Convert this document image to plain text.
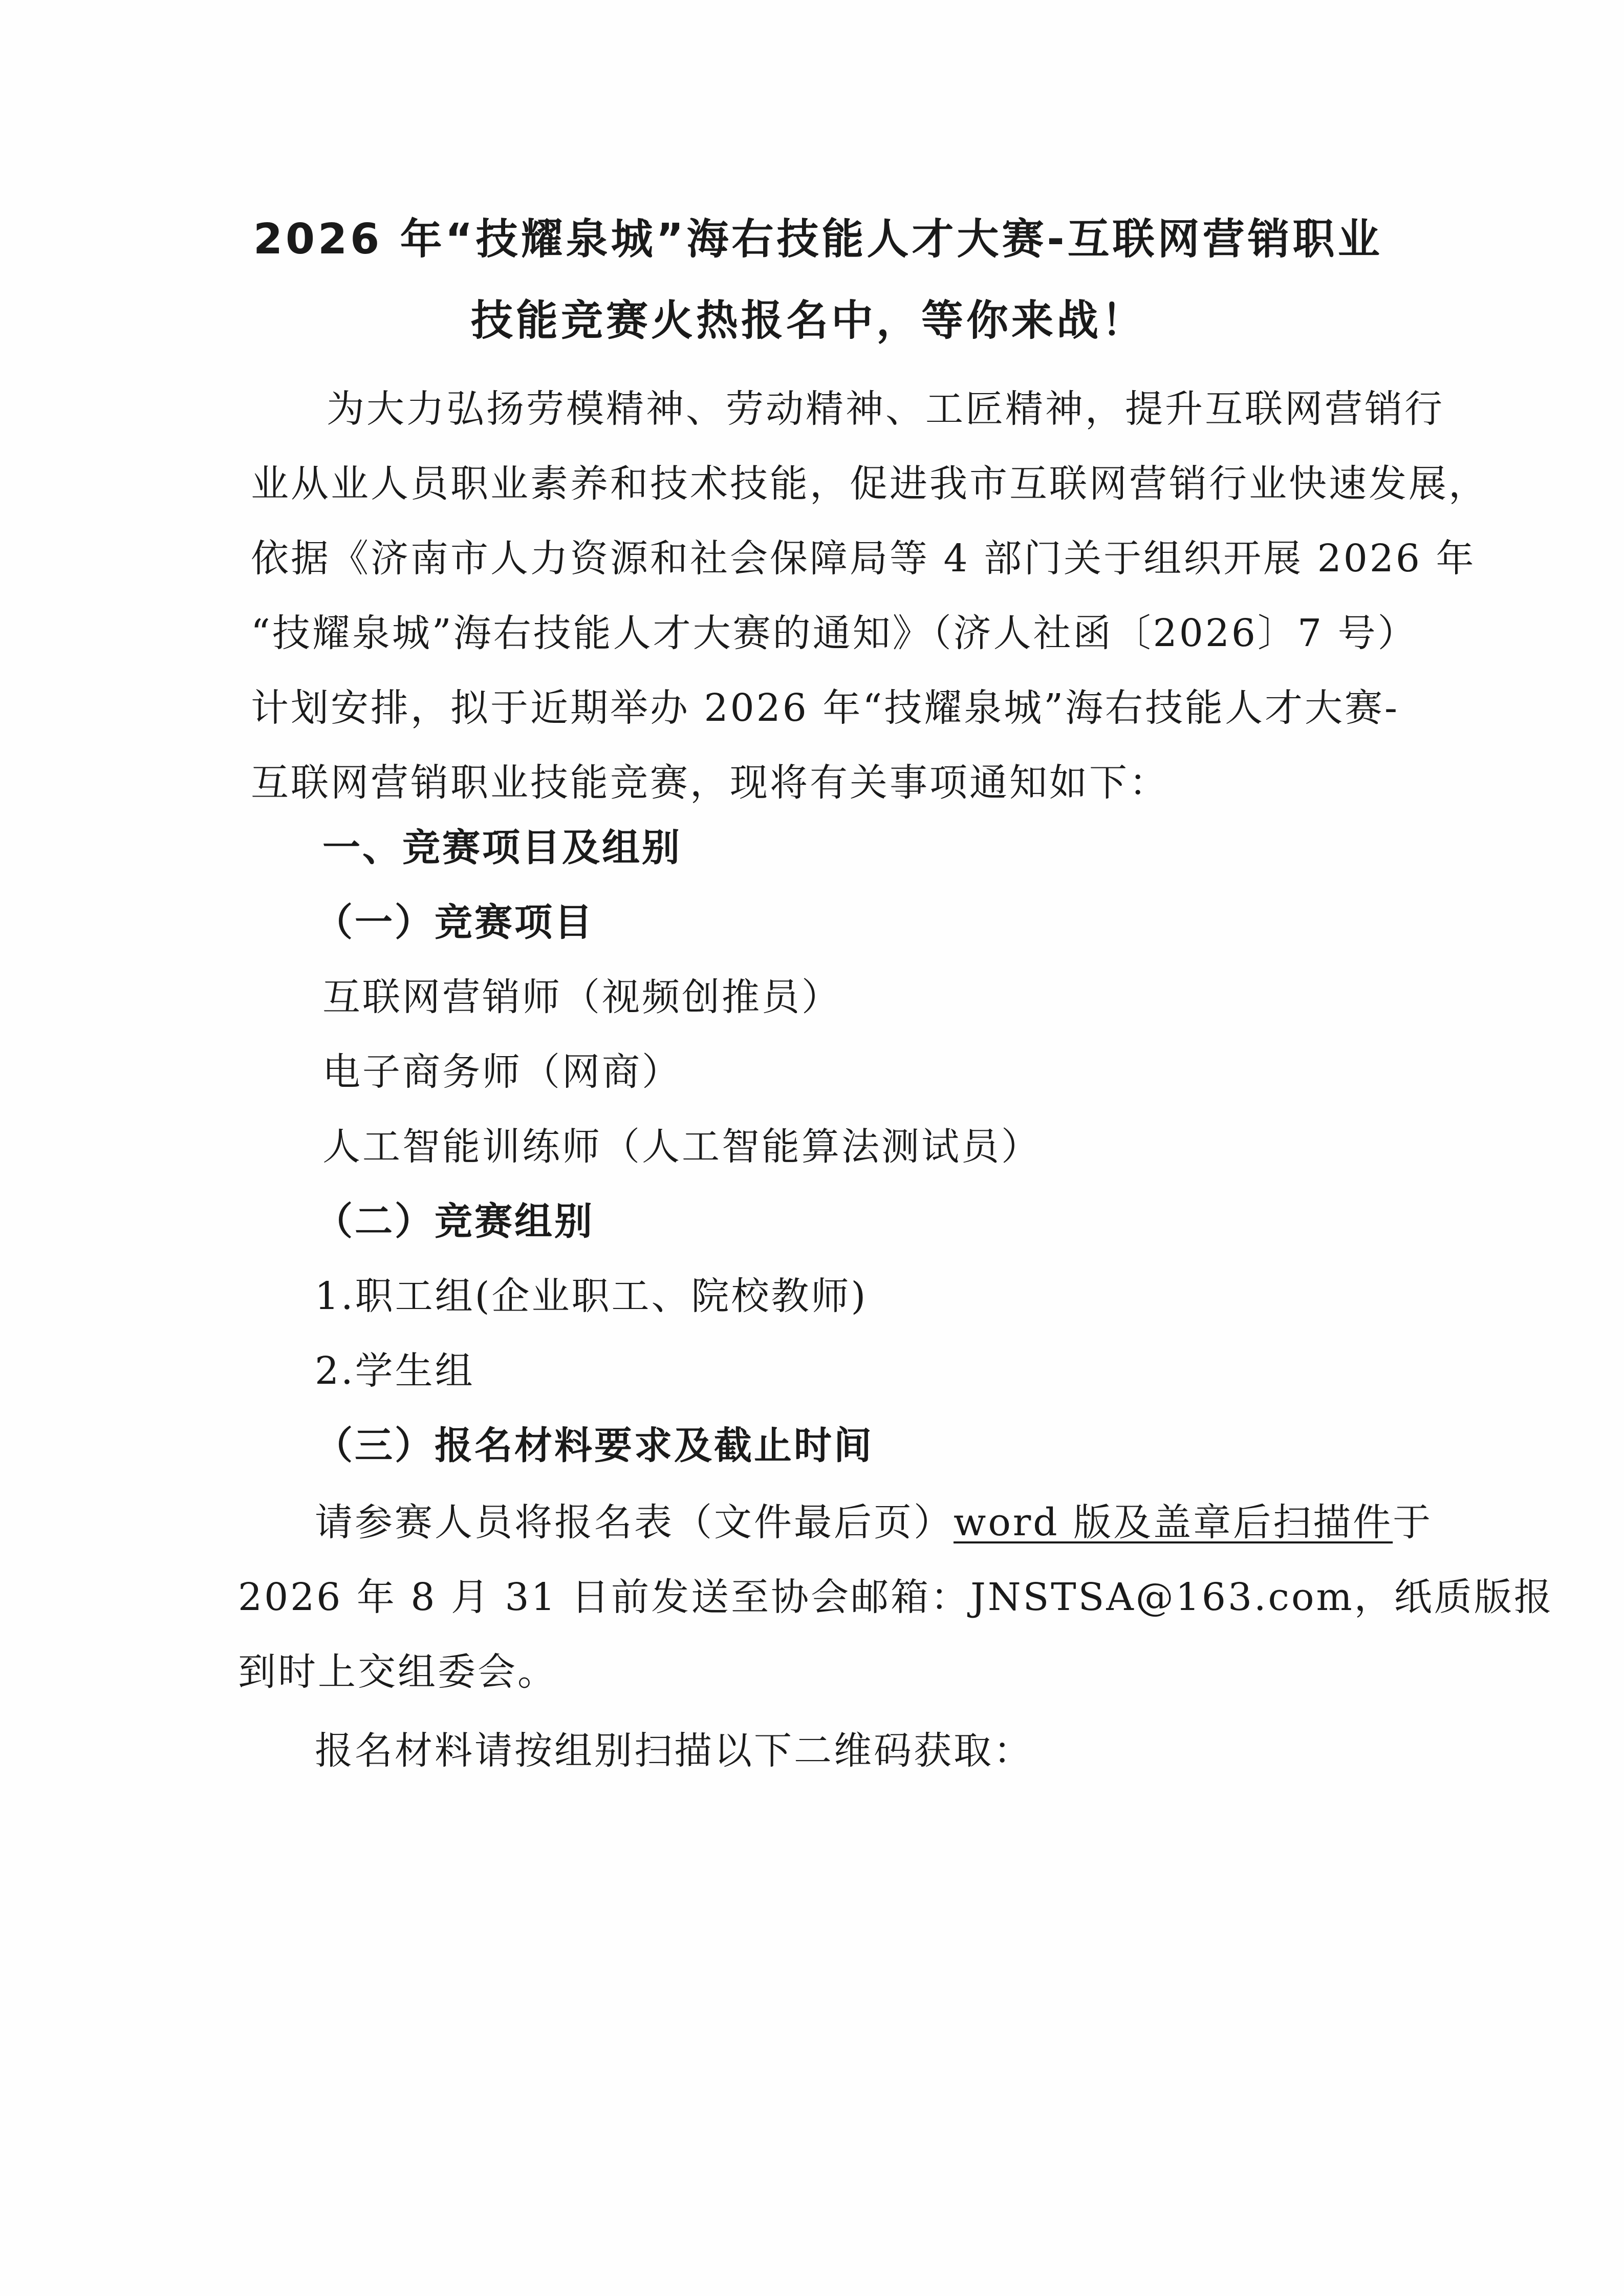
2026 年“技耀泉城”海右技能人才大赛-互联网营销职业
技能竞赛火热报名中，等你来战！
为大力弘扬劳模精神、劳动精神、工匠精神，提升互联网营销行
业从业人员职业素养和技术技能，促进我市互联网营销行业快速发展，
依据《济南市人力资源和社会保障局等 4 部门关于组织开展 2026 年
“技耀泉城”海右技能人才大赛的通知》（济人社函〔2026〕7 号）
计划安排，拟于近期举办 2026 年“技耀泉城”海右技能人才大赛-
互联网营销职业技能竞赛，现将有关事项通知如下：
一、竞赛项目及组别
（一）竞赛项目
互联网营销师（视频创推员）
电子商务师（网商）
人工智能训练师（人工智能算法测试员）
（二）竞赛组别
1.职工组(企业职工、院校教师)
2.学生组
（三）报名材料要求及截止时间
请参赛人员将报名表（文件最后页）word 版及盖章后扫描件于
2026 年 8 月 31 日前发送至协会邮箱：JNSTSA@163.com，纸质版报
到时上交组委会。
报名材料请按组别扫描以下二维码获取：
